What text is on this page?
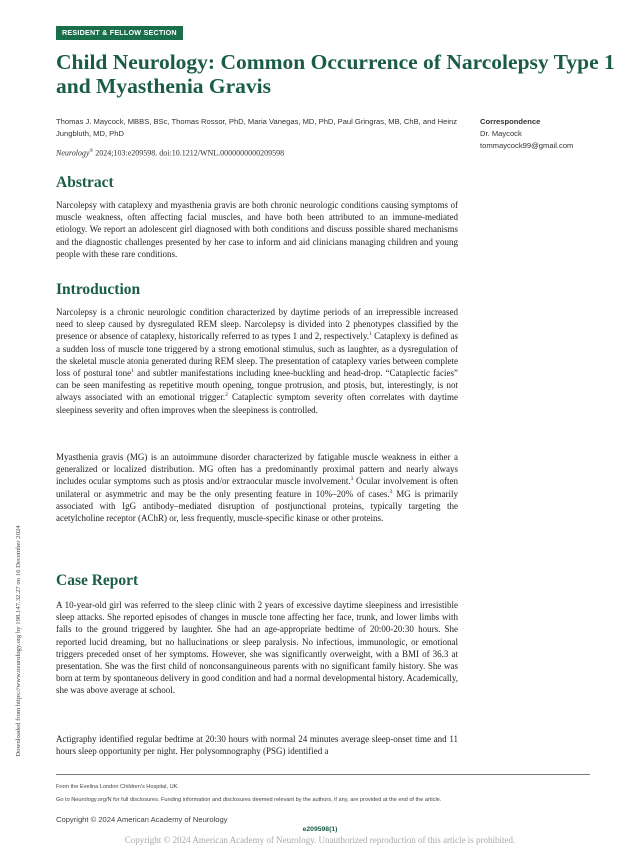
RESIDENT & FELLOW SECTION
Child Neurology: Common Occurrence of Narcolepsy Type 1 and Myasthenia Gravis
Thomas J. Maycock, MBBS, BSc, Thomas Rossor, PhD, Maria Vanegas, MD, PhD, Paul Gringras, MB, ChB, and Heinz Jungbluth, MD, PhD
Neurology® 2024;103:e209598. doi:10.1212/WNL.0000000000209598
Correspondence
Dr. Maycock
tommaycock99@gmail.com
Abstract

Narcolepsy with cataplexy and myasthenia gravis are both chronic neurologic conditions causing symptoms of muscle weakness, often affecting facial muscles, and have both been attributed to an immune-mediated etiology. We report an adolescent girl diagnosed with both conditions and discuss possible shared mechanisms and the diagnostic challenges presented by her case to inform and aid clinicians managing children and young people with these rare conditions.

Introduction

Narcolepsy is a chronic neurologic condition characterized by daytime periods of an irrepressible increased need to sleep caused by dysregulated REM sleep. Narcolepsy is divided into 2 phenotypes classified by the presence or absence of cataplexy, historically referred to as types 1 and 2, respectively.$^1$ Cataplexy is defined as a sudden loss of muscle tone triggered by a strong emotional stimulus, such as laughter, as a dysregulation of the skeletal muscle atonia generated during REM sleep. The presentation of cataplexy varies between complete loss of postural tone$^1$ and subtler manifestations including knee-buckling and head-drop. “Cataplectic facies” can be seen manifesting as repetitive mouth opening, tongue protrusion, and ptosis, but, interestingly, is not always associated with an emotional trigger.$^2$ Cataplectic symptom severity often correlates with daytime sleepiness severity and often improves when the sleepiness is controlled.

Myasthenia gravis (MG) is an autoimmune disorder characterized by fatigable muscle weakness in either a generalized or localized distribution. MG often has a predominantly proximal pattern and nearly always includes ocular symptoms such as ptosis and/or extraocular muscle involvement.$^3$ Ocular involvement is often unilateral or asymmetric and may be the only presenting feature in 10%–20% of cases.$^3$ MG is primarily associated with IgG antibody–mediated disruption of postjunctional proteins, typically targeting the acetylcholine receptor (AChR) or, less frequently, muscle-specific kinase or other proteins.

Case Report

A 10-year-old girl was referred to the sleep clinic with 2 years of excessive daytime sleepiness and irresistible sleep attacks. She reported episodes of changes in muscle tone affecting her face, trunk, and lower limbs with falls to the ground triggered by laughter. She had an age-appropriate bedtime of 20:00-20:30 hours. She reported lucid dreaming, but no hallucinations or sleep paralysis. No infectious, immunologic, or emotional triggers preceded onset of her symptoms. However, she was significantly overweight, with a BMI of 36.3 at presentation. She was the first child of nonconsanguineous parents with no significant family history. She was born at term by spontaneous delivery in good condition and had a normal developmental history. Academically, she was above average at school.

Actigraphy identified regular bedtime at 20:30 hours with normal 24 minutes average sleep-onset time and 11 hours sleep opportunity per night. Her polysomnography (PSG) identified a

From the Evelina London Children's Hospital, UK.
Go to Neurology.org/N for full disclosures. Funding information and disclosures deemed relevant by the authors, if any, are provided at the end of the article.
Copyright © 2024 American Academy of Neurology
e209598(1)
Copyright © 2024 American Academy of Neurology. Unauthorized reproduction of this article is prohibited.
Downloaded from https://www.neurology.org by 198.147.32.27 on 16 December 2024
